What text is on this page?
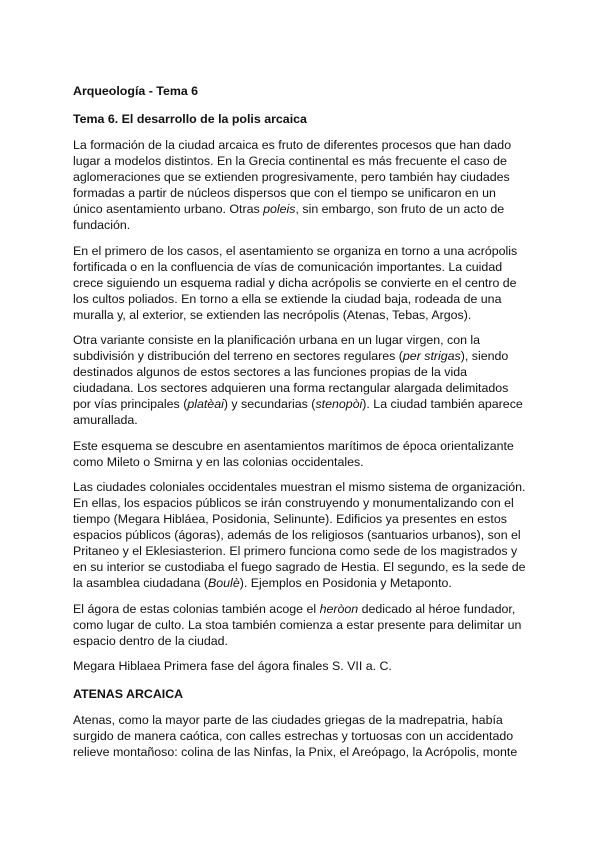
Arqueología - Tema 6
Tema 6. El desarrollo de la polis arcaica

La formación de la ciudad arcaica es fruto de diferentes procesos que han dado lugar a modelos distintos. En la Grecia continental es más frecuente el caso de aglomeraciones que se extienden progresivamente, pero también hay ciudades formadas a partir de núcleos dispersos que con el tiempo se unificaron en un único asentamiento urbano. Otras poleis, sin embargo, son fruto de un acto de fundación.

En el primero de los casos, el asentamiento se organiza en torno a una acrópolis fortificada o en la confluencia de vías de comunicación importantes. La cuidad crece siguiendo un esquema radial y dicha acrópolis se convierte en el centro de los cultos poliados. En torno a ella se extiende la ciudad baja, rodeada de una muralla y, al exterior, se extienden las necrópolis (Atenas, Tebas, Argos).

Otra variante consiste en la planificación urbana en un lugar virgen, con la subdivisión y distribución del terreno en sectores regulares (per strigas), siendo destinados algunos de estos sectores a las funciones propias de la vida ciudadana. Los sectores adquieren una forma rectangular alargada delimitados por vías principales (platèai) y secundarias (stenopòi). La ciudad también aparece amurallada.

Este esquema se descubre en asentamientos marítimos de época orientalizante como Mileto o Smirna y en las colonias occidentales.

Las ciudades coloniales occidentales muestran el mismo sistema de organización. En ellas, los espacios públicos se irán construyendo y monumentalizando con el tiempo (Megara Hibláea, Posidonia, Selinunte). Edificios ya presentes en estos espacios públicos (ágoras), además de los religiosos (santuarios urbanos), son el Pritaneo y el Eklesiasterion. El primero funciona como sede de los magistrados y en su interior se custodiaba el fuego sagrado de Hestia. El segundo, es la sede de la asamblea ciudadana (Boulè). Ejemplos en Posidonia y Metaponto.

El ágora de estas colonias también acoge el heròon dedicado al héroe fundador, como lugar de culto. La stoa también comienza a estar presente para delimitar un espacio dentro de la ciudad.

Megara Hiblaea Primera fase del ágora finales S. VII a. C.

ATENAS ARCAICA

Atenas, como la mayor parte de las ciudades griegas de la madrepatria, había surgido de manera caótica, con calles estrechas y tortuosas con un accidentado relieve montañoso: colina de las Ninfas, la Pnix, el Areópago, la Acrópolis, monte
